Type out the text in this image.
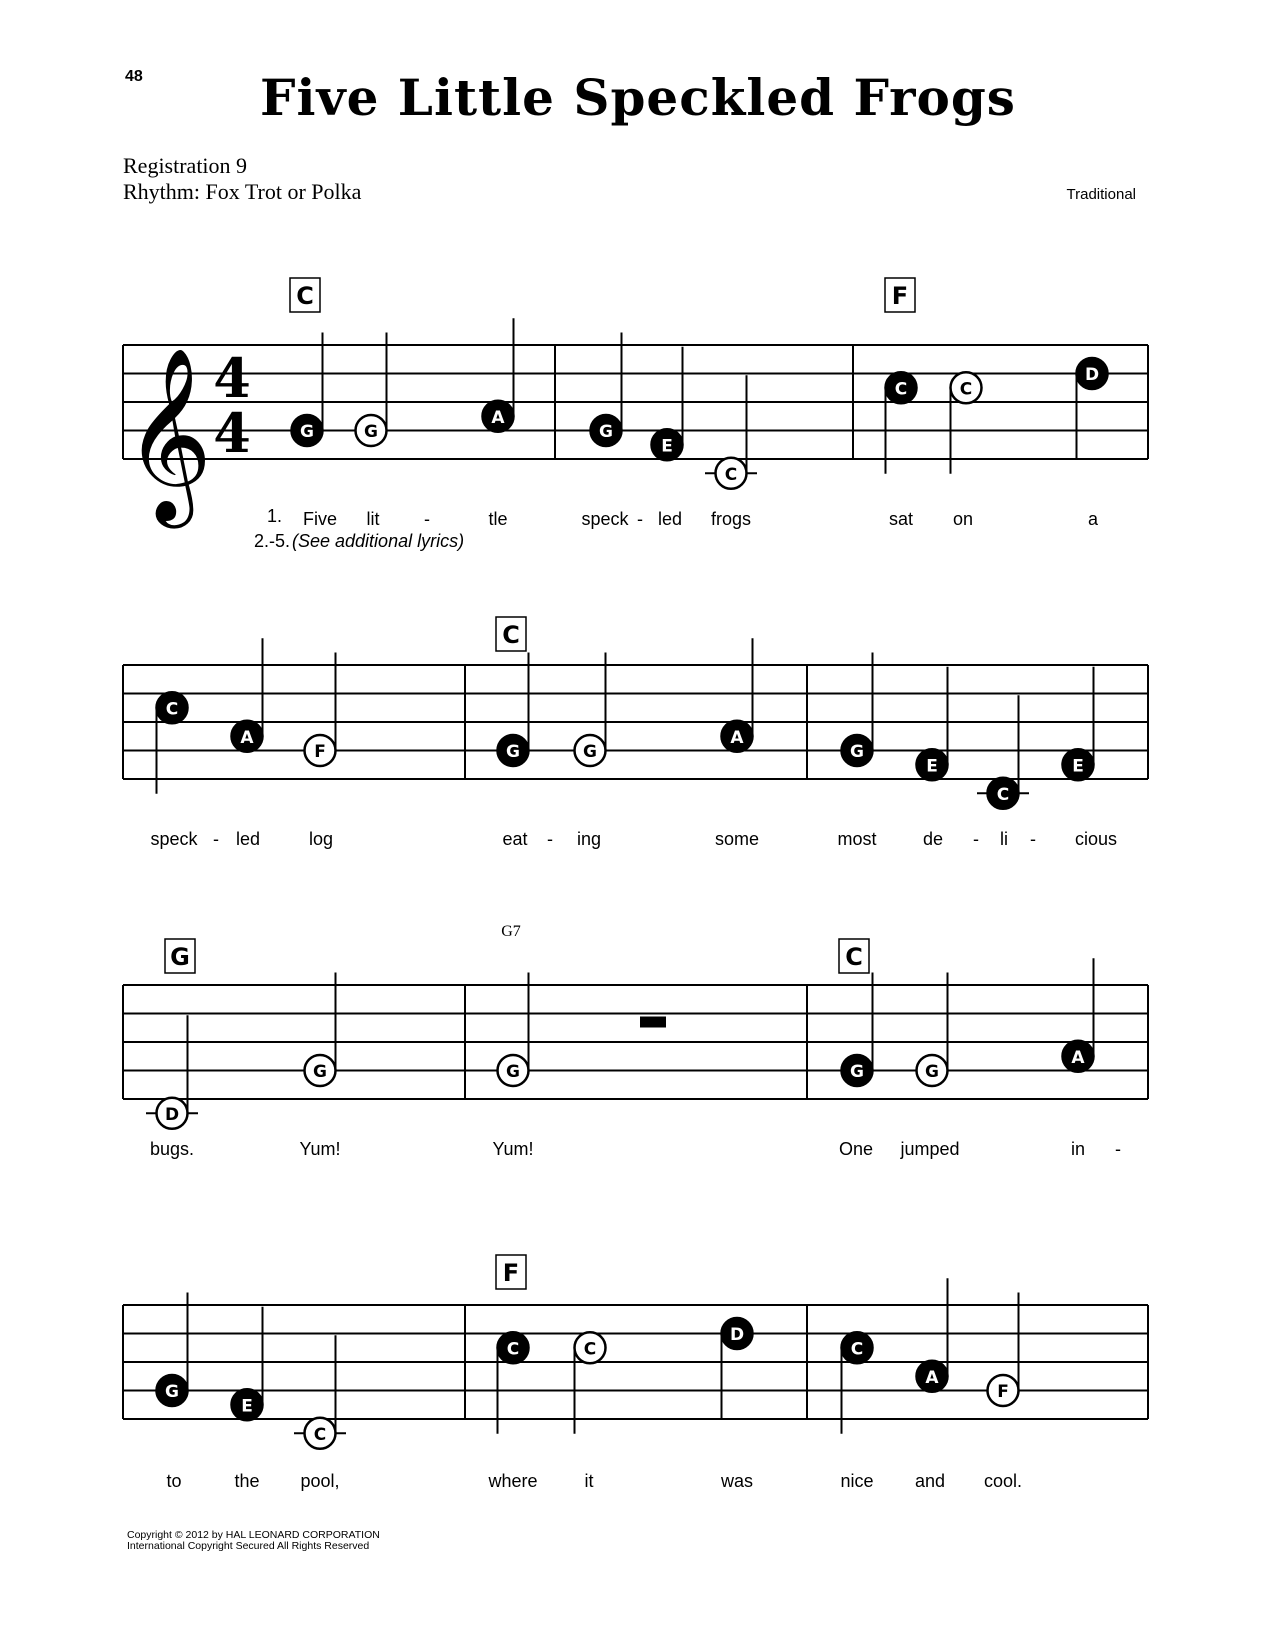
48	Five Little Speckled Frogs
Registration 9
Rhythm: Fox Trot or Polka	Traditional
C	F
𝄞 4
4	G	G
A
G
E
C
C	C
D
Five lit -	tle	speck - led frogs	sat on	a
1.
2.-5. (See additional lyrics)
C
C
A
F	G	G
A
G
E
C
E
speck - led	log	eat - ing	some	most	de - li - cious
G
G7
C
D
G	G	G	G
A
bugs.	Yum!	Yum!	One jumped	in -
F
G
E
C
C	C
D
C
A
F
to	the pool,	where	it	was	nice and cool.
Copyright © 2012 by HAL LEONARD CORPORATION
International Copyright Secured All Rights Reserved
